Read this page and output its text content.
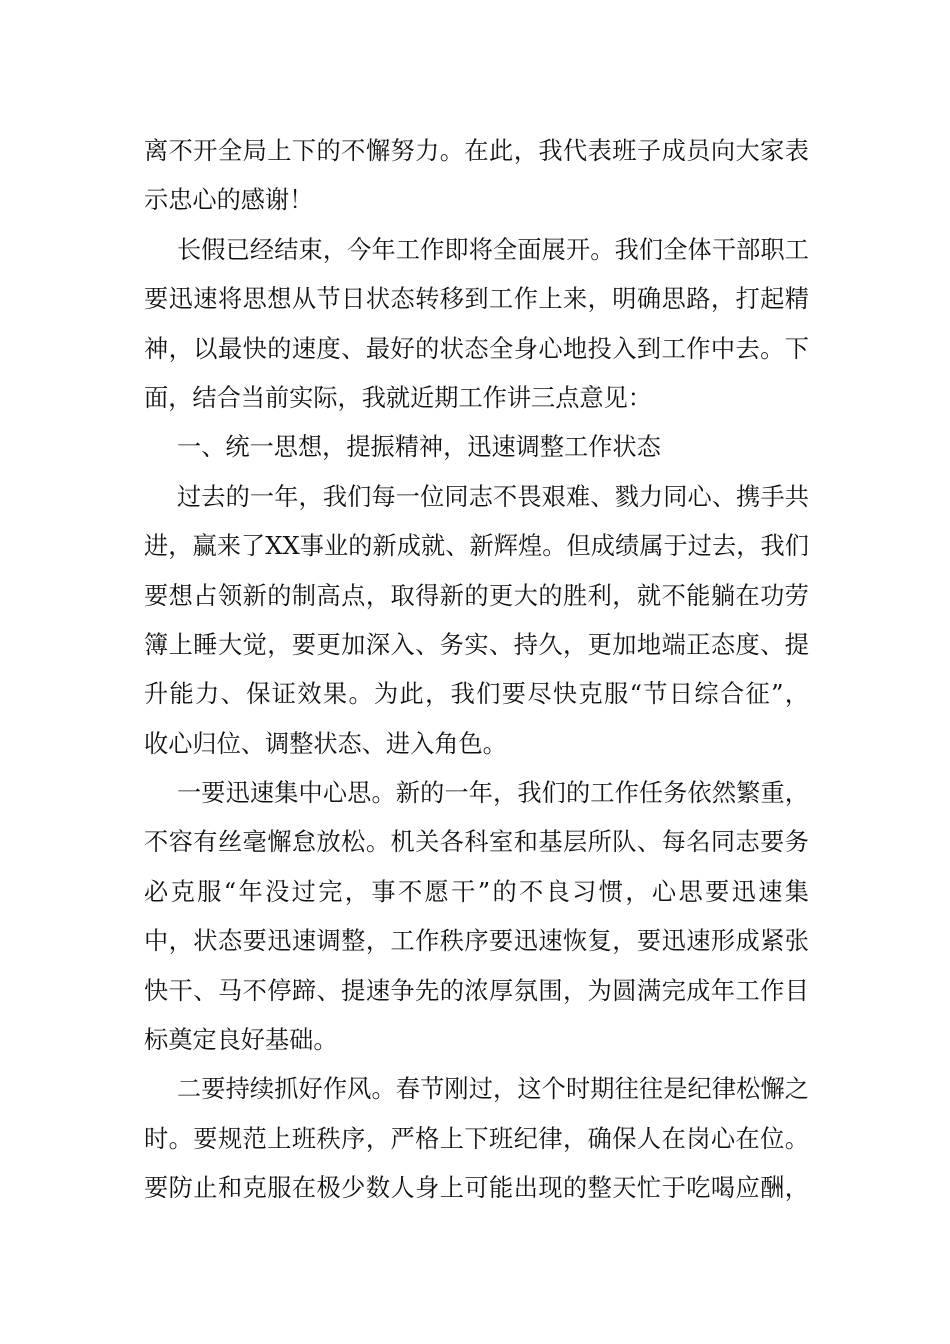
离不开全局上下的不懈努力。在此，我代表班子成员向大家表
示忠心的感谢！
长假已经结束，今年工作即将全面展开。我们全体干部职工
要迅速将思想从节日状态转移到工作上来，明确思路，打起精
神，以最快的速度、最好的状态全身心地投入到工作中去。下
面，结合当前实际，我就近期工作讲三点意见：
一、统一思想，提振精神，迅速调整工作状态
过去的一年，我们每一位同志不畏艰难、戮力同心、携手共
进，赢来了XX事业的新成就、新辉煌。但成绩属于过去，我们
要想占领新的制高点，取得新的更大的胜利，就不能躺在功劳
簿上睡大觉，要更加深入、务实、持久，更加地端正态度、提
升能力、保证效果。为此，我们要尽快克服“节日综合征”，
收心归位、调整状态、进入角色。
一要迅速集中心思。新的一年，我们的工作任务依然繁重，
不容有丝毫懈怠放松。机关各科室和基层所队、每名同志要务
必克服“年没过完，事不愿干”的不良习惯，心思要迅速集
中，状态要迅速调整，工作秩序要迅速恢复，要迅速形成紧张
快干、马不停蹄、提速争先的浓厚氛围，为圆满完成年工作目
标奠定良好基础。
二要持续抓好作风。春节刚过，这个时期往往是纪律松懈之
时。要规范上班秩序，严格上下班纪律，确保人在岗心在位。
要防止和克服在极少数人身上可能出现的整天忙于吃喝应酬，
